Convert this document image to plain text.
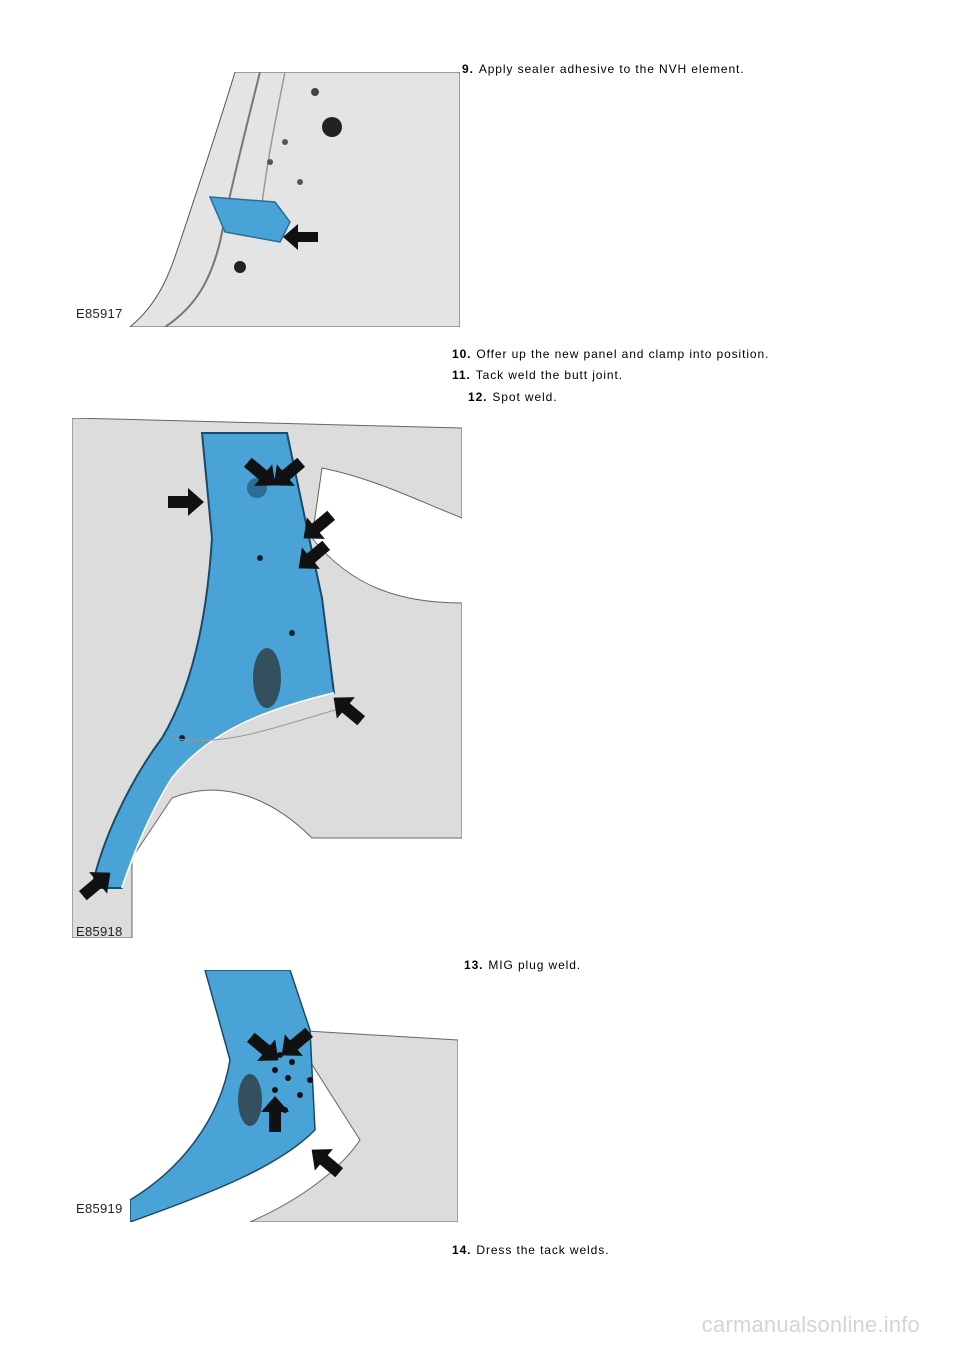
9. Apply sealer adhesive to the NVH element.
E85917
10. Offer up the new panel and clamp into position.
11. Tack weld the butt joint.
12. Spot weld.
E85918
13. MIG plug weld.
E85919
14. Dress the tack welds.
carmanualsonline.info
